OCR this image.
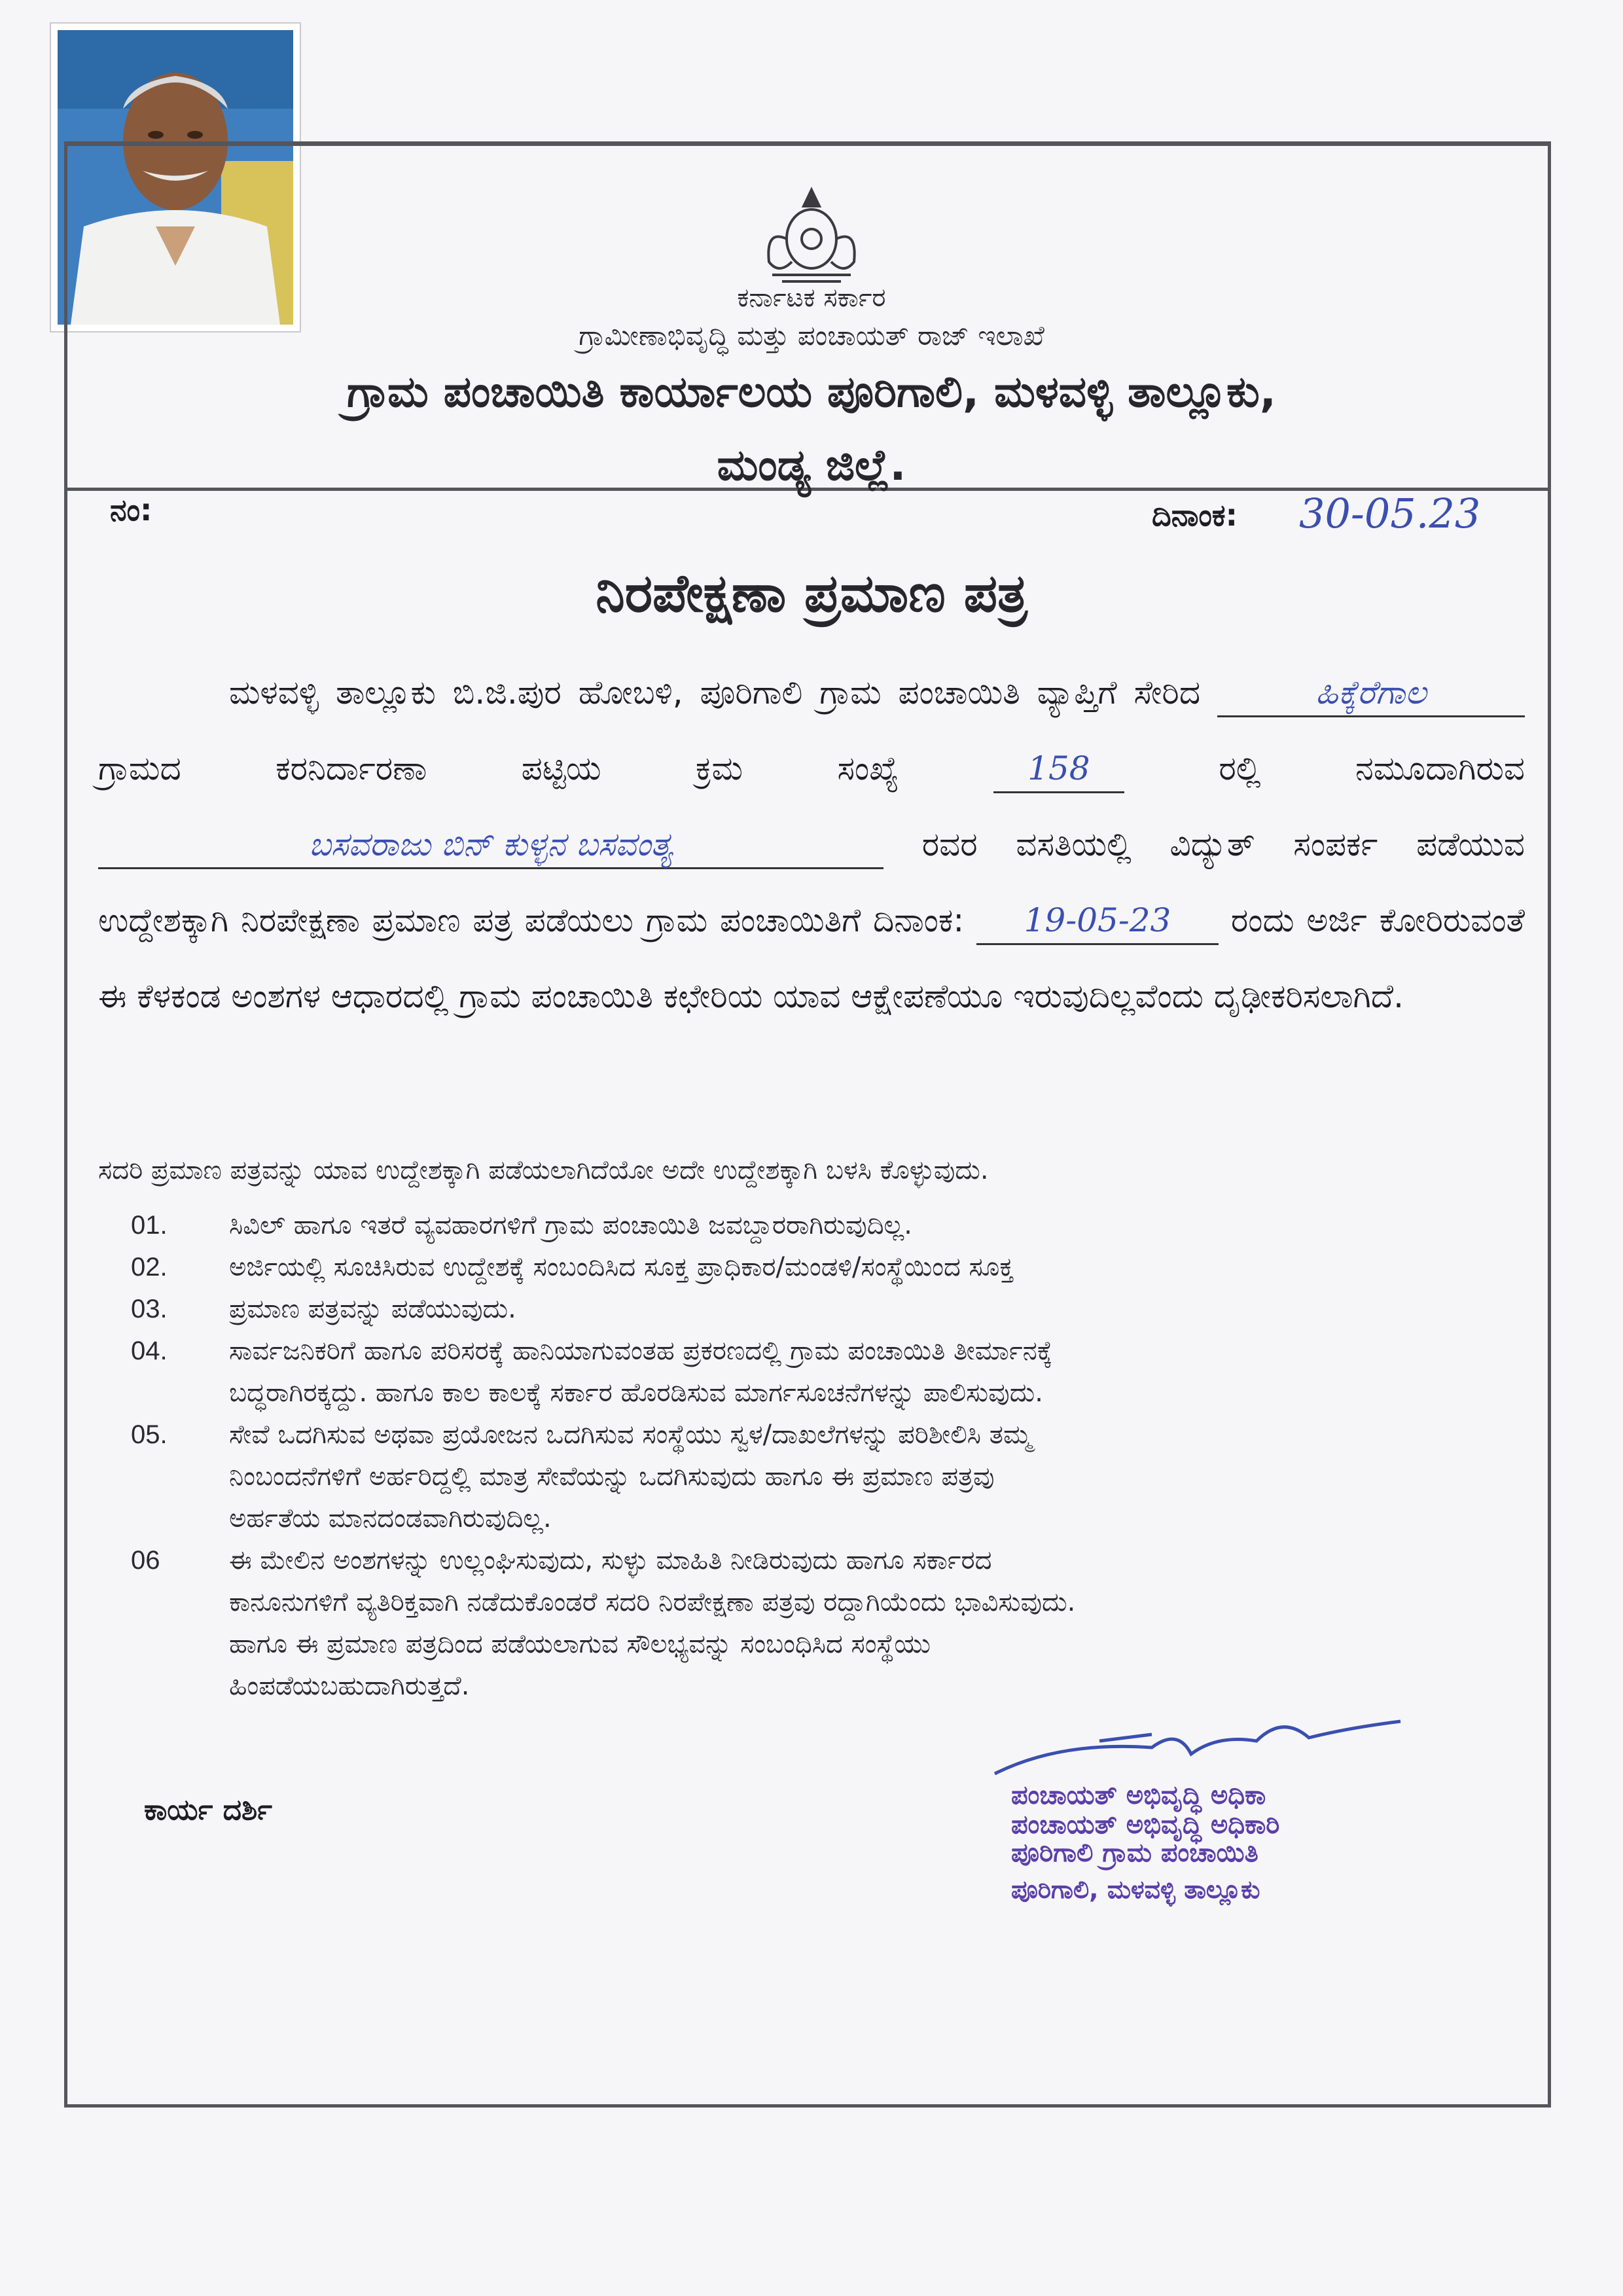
ಕರ್ನಾಟಕ ಸರ್ಕಾರ
ಗ್ರಾಮೀಣಾಭಿವೃದ್ಧಿ ಮತ್ತು ಪಂಚಾಯತ್ ರಾಜ್ ಇಲಾಖೆ
ಗ್ರಾಮ ಪಂಚಾಯಿತಿ ಕಾರ್ಯಾಲಯ ಪೂರಿಗಾಲಿ, ಮಳವಳ್ಳಿ ತಾಲ್ಲೂಕು,
ಮಂಡ್ಯ ಜಿಲ್ಲೆ.
ನಂ:	ದಿನಾಂಕ: 30-05.23
ನಿರಪೇಕ್ಷಣಾ ಪ್ರಮಾಣ ಪತ್ರ
ಮಳವಳ್ಳಿ ತಾಲ್ಲೂಕು ಬಿ.ಜಿ.ಪುರ ಹೋಬಳಿ, ಪೂರಿಗಾಲಿ ಗ್ರಾಮ ಪಂಚಾಯಿತಿ ವ್ಯಾಪ್ತಿಗೆ ಸೇರಿದ	ಹಿಕ್ಕೆರೆಗಾಲ ಗ್ರಾಮದ ಕರನಿರ್ದಾರಣಾ ಪಟ್ಟಿಯ ಕ್ರಮ ಸಂಖ್ಯೆ	158	ರಲ್ಲಿ ನಮೂದಾಗಿರುವ ಬಸವರಾಜು ಬಿನ್ ಕುಳ್ಳನ ಬಸವಂತ್ಯ	ರವರ ವಸತಿಯಲ್ಲಿ ವಿದ್ಯುತ್ ಸಂಪರ್ಕ ಪಡೆಯುವ ಉದ್ದೇಶಕ್ಕಾಗಿ ನಿರಪೇಕ್ಷಣಾ ಪ್ರಮಾಣ ಪತ್ರ ಪಡೆಯಲು ಗ್ರಾಮ ಪಂಚಾಯಿತಿಗೆ ದಿನಾಂಕ: 19-05-23 ರಂದು ಅರ್ಜಿ ಕೋರಿರುವಂತೆ ಈ ಕೆಳಕಂಡ ಅಂಶಗಳ ಆಧಾರದಲ್ಲಿ ಗ್ರಾಮ ಪಂಚಾಯಿತಿ ಕಛೇರಿಯ ಯಾವ ಆಕ್ಷೇಪಣೆಯೂ ಇರುವುದಿಲ್ಲವೆಂದು ದೃಢೀಕರಿಸಲಾಗಿದೆ.
ಸದರಿ ಪ್ರಮಾಣ ಪತ್ರವನ್ನು ಯಾವ ಉದ್ದೇಶಕ್ಕಾಗಿ ಪಡೆಯಲಾಗಿದೆಯೋ ಅದೇ ಉದ್ದೇಶಕ್ಕಾಗಿ ಬಳಸಿ ಕೊಳ್ಳುವುದು.
01. ಸಿವಿಲ್ ಹಾಗೂ ಇತರೆ ವ್ಯವಹಾರಗಳಿಗೆ ಗ್ರಾಮ ಪಂಚಾಯಿತಿ ಜವಬ್ದಾರರಾಗಿರುವುದಿಲ್ಲ.
02. ಅರ್ಜಿಯಲ್ಲಿ ಸೂಚಿಸಿರುವ ಉದ್ದೇಶಕ್ಕೆ ಸಂಬಂದಿಸಿದ ಸೂಕ್ತ ಪ್ರಾಧಿಕಾರ/ಮಂಡಳಿ/ಸಂಸ್ಥೆಯಿಂದ ಸೂಕ್ತ
03. ಪ್ರಮಾಣ ಪತ್ರವನ್ನು ಪಡೆಯುವುದು.
04. ಸಾರ್ವಜನಿಕರಿಗೆ ಹಾಗೂ ಪರಿಸರಕ್ಕೆ ಹಾನಿಯಾಗುವಂತಹ ಪ್ರಕರಣದಲ್ಲಿ ಗ್ರಾಮ ಪಂಚಾಯಿತಿ ತೀರ್ಮಾನಕ್ಕೆ
ಬದ್ಧರಾಗಿರಕ್ಕದ್ದು. ಹಾಗೂ ಕಾಲ ಕಾಲಕ್ಕೆ ಸರ್ಕಾರ ಹೊರಡಿಸುವ ಮಾರ್ಗಸೂಚನೆಗಳನ್ನು ಪಾಲಿಸುವುದು.
05. ಸೇವೆ ಒದಗಿಸುವ ಅಥವಾ ಪ್ರಯೋಜನ ಒದಗಿಸುವ ಸಂಸ್ಥೆಯು ಸ್ವಳ/ದಾಖಲೆಗಳನ್ನು ಪರಿಶೀಲಿಸಿ ತಮ್ಮ
ನಿಂಬಂದನೆಗಳಿಗೆ ಅರ್ಹರಿದ್ದಲ್ಲಿ ಮಾತ್ರ ಸೇವೆಯನ್ನು ಒದಗಿಸುವುದು ಹಾಗೂ ಈ ಪ್ರಮಾಣ ಪತ್ರವು
ಅರ್ಹತೆಯ ಮಾನದಂಡವಾಗಿರುವುದಿಲ್ಲ.
06	ಈ ಮೇಲಿನ ಅಂಶಗಳನ್ನು ಉಲ್ಲಂಘಿಸುವುದು, ಸುಳ್ಳು ಮಾಹಿತಿ ನೀಡಿರುವುದು ಹಾಗೂ ಸರ್ಕಾರದ
ಕಾನೂನುಗಳಿಗೆ ವ್ಯತಿರಿಕ್ತವಾಗಿ ನಡೆದುಕೊಂಡರೆ ಸದರಿ ನಿರಪೇಕ್ಷಣಾ ಪತ್ರವು ರದ್ದಾಗಿಯೆಂದು ಭಾವಿಸುವುದು.
ಹಾಗೂ ಈ ಪ್ರಮಾಣ ಪತ್ರದಿಂದ ಪಡೆಯಲಾಗುವ ಸೌಲಭ್ಯವನ್ನು ಸಂಬಂಧಿಸಿದ ಸಂಸ್ಥೆಯು
ಹಿಂಪಡೆಯಬಹುದಾಗಿರುತ್ತದೆ.
ಕಾರ್ಯ ದರ್ಶಿ	ಪಂಚಾಯತ್ ಅಭಿವೃದ್ಧಿ ಅಧಿಕಾ
ಪಂಚಾಯತ್ ಅಭಿವೃದ್ಧಿ ಅಧಿಕಾರಿ
ಪೂರಿಗಾಲಿ ಗ್ರಾಮ ಪಂಚಾಯಿತಿ
ಪೂರಿಗಾಲಿ, ಮಳವಳ್ಳಿ ತಾಲ್ಲೂಕು
